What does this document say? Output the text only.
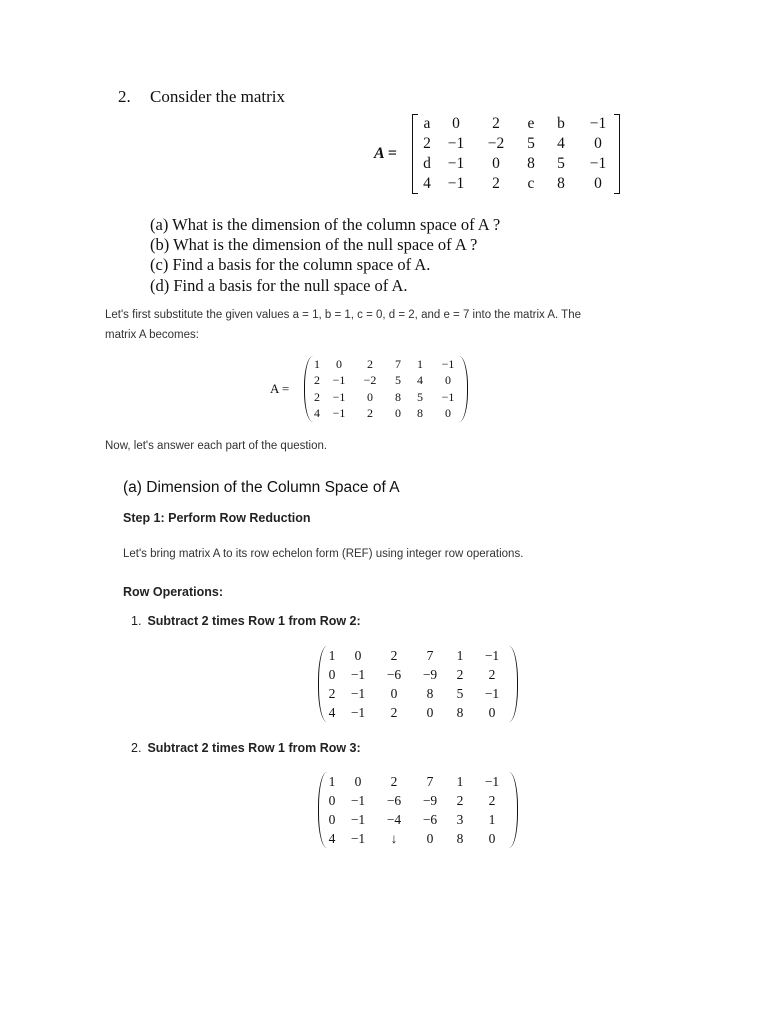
2. Consider the matrix
A =
a	0	2	e	b	−1
2	−1	−2	5	4	0
d	−1	0	8	5	−1
4	−1	2	c	8	0
(a) What is the dimension of the column space of A ?
(b) What is the dimension of the null space of A ?
(c) Find a basis for the column space of A.
(d) Find a basis for the null space of A.
Let's first substitute the given values a = 1, b = 1, c = 0, d = 2, and e = 7 into the matrix A. The
matrix A becomes:
A =
1	0	2	7	1	−1
2	−1	−2	5	4	0
2	−1	0	8	5	−1
4	−1	2	0	8	0
Now, let's answer each part of the question.
(a) Dimension of the Column Space of A
Step 1: Perform Row Reduction
Let's bring matrix A to its row echelon form (REF) using integer row operations.
Row Operations:
1. Subtract 2 times Row 1 from Row 2:
1	0	2	7	1	−1
0	−1	−6	−9	2	2
2	−1	0	8	5	−1
4	−1	2	0	8	0
2. Subtract 2 times Row 1 from Row 3:
1	0	2	7	1	−1
0	−1	−6	−9	2	2
0	−1	−4	−6	3	1
4	−1	↓	0	8	0
